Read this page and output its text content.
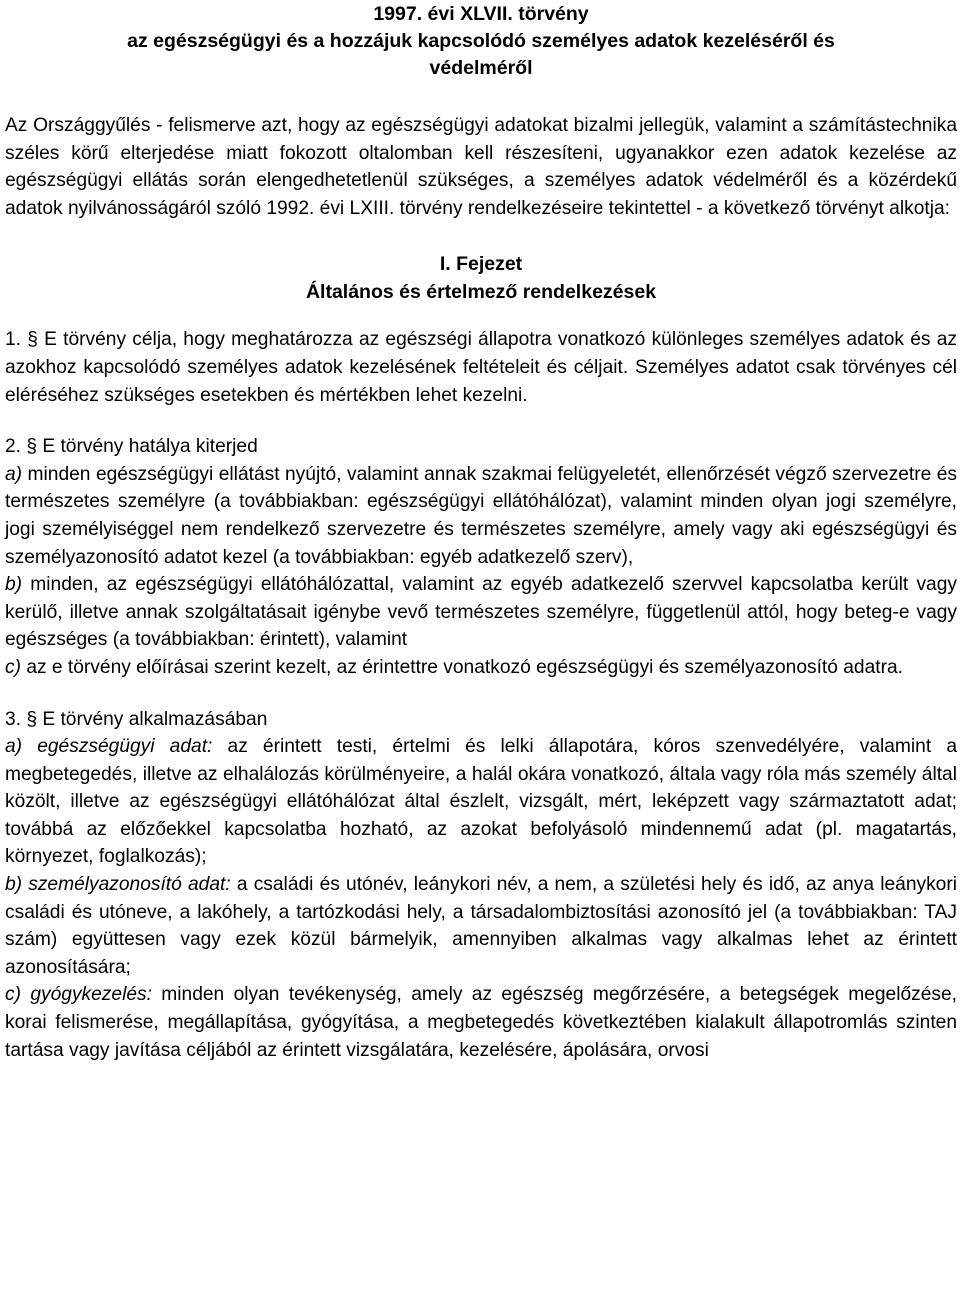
1997. évi XLVII. törvény
az egészségügyi és a hozzájuk kapcsolódó személyes adatok kezeléséről és
védelméről

Az Országgyűlés - felismerve azt, hogy az egészségügyi adatokat bizalmi jellegük, valamint a számítástechnika széles körű elterjedése miatt fokozott oltalomban kell részesíteni, ugyanakkor ezen adatok kezelése az egészségügyi ellátás során elengedhetetlenül szükséges, a személyes adatok védelméről és a közérdekű adatok nyilvánosságáról szóló 1992. évi LXIII. törvény rendelkezéseire tekintettel - a következő törvényt alkotja:

I. Fejezet
Általános és értelmező rendelkezések

1. § E törvény célja, hogy meghatározza az egészségi állapotra vonatkozó különleges személyes adatok és az azokhoz kapcsolódó személyes adatok kezelésének feltételeit és céljait. Személyes adatot csak törvényes cél eléréséhez szükséges esetekben és mértékben lehet kezelni.

2. § E törvény hatálya kiterjed

a) minden egészségügyi ellátást nyújtó, valamint annak szakmai felügyeletét, ellenőrzését végző szervezetre és természetes személyre (a továbbiakban: egészségügyi ellátóhálózat), valamint minden olyan jogi személyre, jogi személyiséggel nem rendelkező szervezetre és természetes személyre, amely vagy aki egészségügyi és személyazonosító adatot kezel (a továbbiakban: egyéb adatkezelő szerv),

b) minden, az egészségügyi ellátóhálózattal, valamint az egyéb adatkezelő szervvel kapcsolatba került vagy kerülő, illetve annak szolgáltatásait igénybe vevő természetes személyre, függetlenül attól, hogy beteg-e vagy egészséges (a továbbiakban: érintett), valamint

c) az e törvény előírásai szerint kezelt, az érintettre vonatkozó egészségügyi és személyazonosító adatra.

3. § E törvény alkalmazásában

a) egészségügyi adat: az érintett testi, értelmi és lelki állapotára, kóros szenvedélyére, valamint a megbetegedés, illetve az elhalálozás körülményeire, a halál okára vonatkozó, általa vagy róla más személy által közölt, illetve az egészségügyi ellátóhálózat által észlelt, vizsgált, mért, leképzett vagy származtatott adat; továbbá az előzőekkel kapcsolatba hozható, az azokat befolyásoló mindennemű adat (pl. magatartás, környezet, foglalkozás);

b) személyazonosító adat: a családi és utónév, leánykori név, a nem, a születési hely és idő, az anya leánykori családi és utóneve, a lakóhely, a tartózkodási hely, a társadalombiztosítási azonosító jel (a továbbiakban: TAJ szám) együttesen vagy ezek közül bármelyik, amennyiben alkalmas vagy alkalmas lehet az érintett azonosítására;

c) gyógykezelés: minden olyan tevékenység, amely az egészség megőrzésére, a betegségek megelőzése, korai felismerése, megállapítása, gyógyítása, a megbetegedés következtében kialakult állapotromlás szinten tartása vagy javítása céljából az érintett vizsgálatára, kezelésére, ápolására, orvosi
